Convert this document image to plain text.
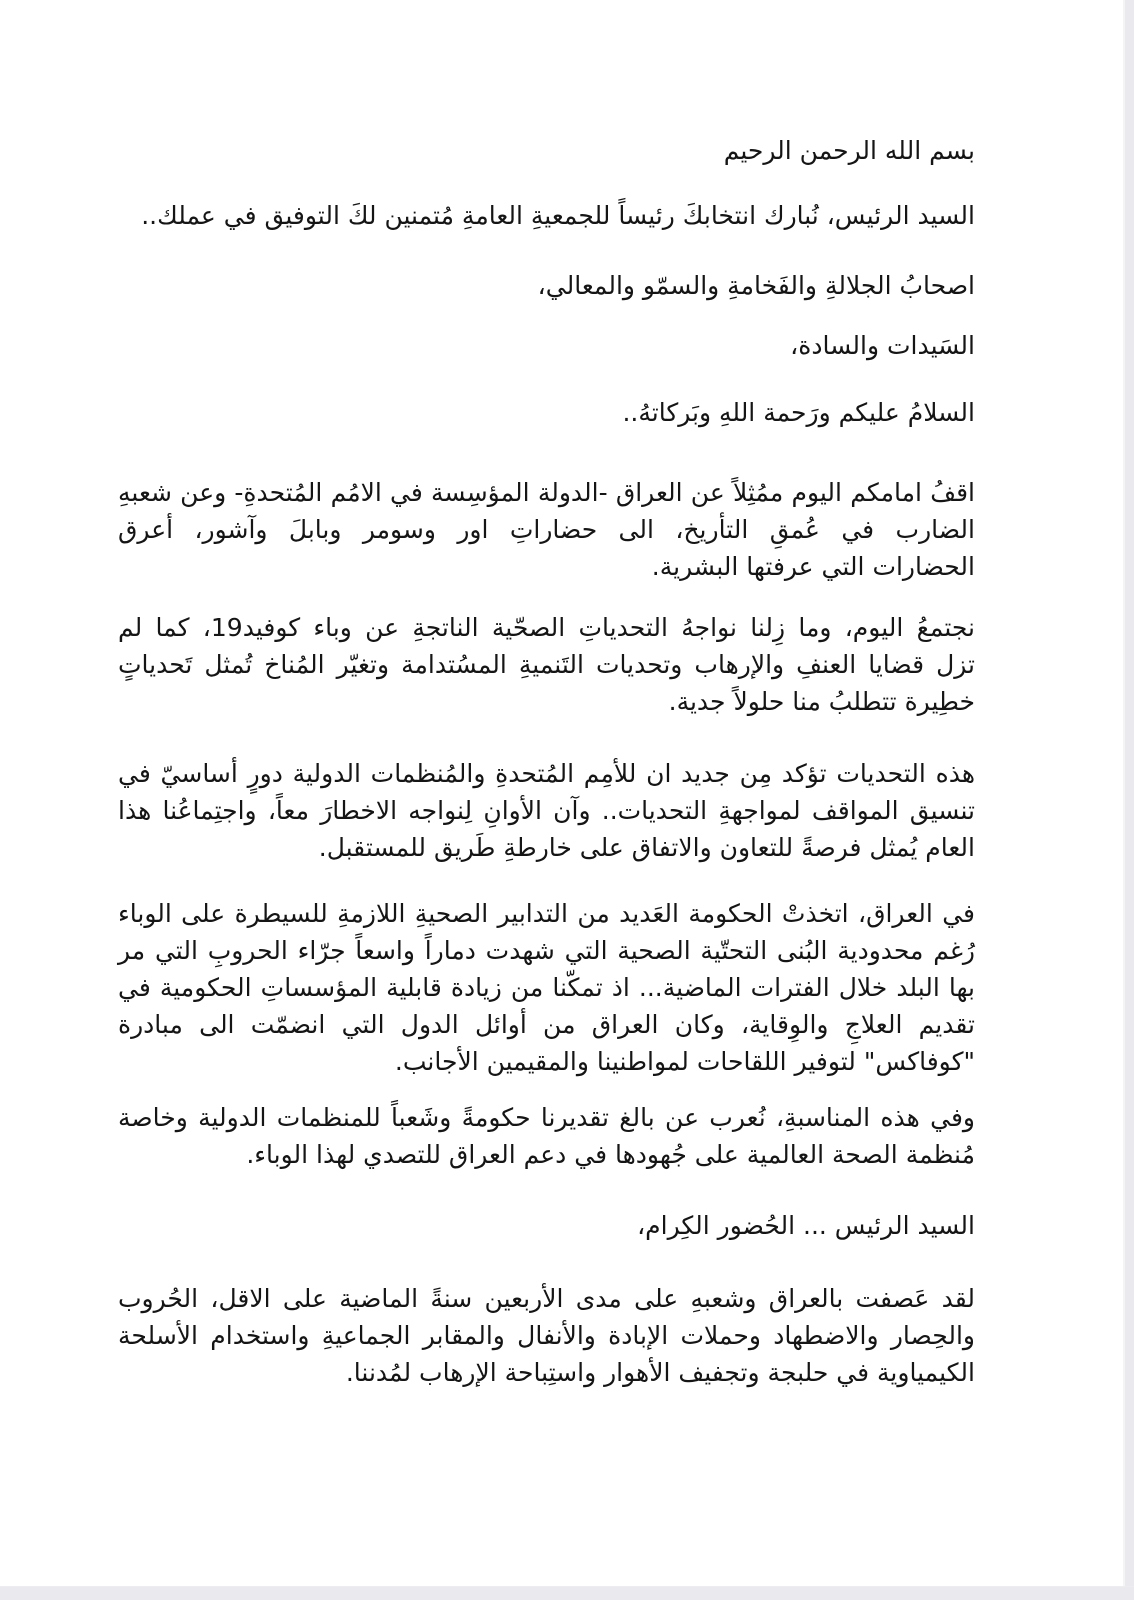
بسم الله الرحمن الرحيم
السيد الرئيس، نُبارك انتخابكَ رئيساً للجمعيةِ العامةِ مُتمنين لكَ التوفيق في عملك..
اصحابُ الجلالةِ والفَخامةِ والسمّو والمعالي،
السَيدات والسادة،
السلامُ عليكم ورَحمة اللهِ وبَركاتهُ..
اقفُ امامكم اليوم ممُثِلاً عن العراق -الدولة المؤسِسة في الامُم المُتحدةِ- وعن شعبهِ
الضارب في عُمقِ التأريخ، الى حضاراتِ اور وسومر وبابلَ وآشور، أعرق
الحضارات التي عرفتها البشرية.
نجتمعُ اليوم، وما زِلنا نواجهُ التحدياتِ الصحّية الناتجةِ عن وباء كوفيد19، كما لم
تزل قضايا العنفِ والإرهاب وتحديات التَنميةِ المسُتدامة وتغيّر المُناخ تُمثل تَحدياتٍ
خطِيرة تتطلبُ منا حلولاً جدية.
هذه التحديات تؤكد مِن جديد ان للأمِم المُتحدةِ والمُنظمات الدولية دورٍ أساسيّ في
تنسيق المواقف لمواجهةِ التحديات.. وآن الأوانِ لِنواجه الاخطارَ معاً، واجتِماعُنا هذا
العام يُمثل فرصةً للتعاون والاتفاق على خارطةِ طَريق للمستقبل.
في العراق، اتخذتْ الحكومة العَديد من التدابير الصحيةِ اللازمةِ للسيطرة على الوباء
رُغم محدودية البُنى التحتّية الصحية التي شهدت دماراً واسعاً جرّاء الحروبِ التي مر
بها البلد خلال الفترات الماضية... اذ تمكّنا من زيادة قابلية المؤسساتِ الحكومية في
تقديم العلاجِ والوِقاية، وكان العراق من أوائل الدول التي انضمّت الى مبادرة
"كوفاكس" لتوفير اللقاحات لمواطنينا والمقيمين الأجانب.
وفي هذه المناسبةِ، نُعرب عن بالغ تقديرنا حكومةً وشَعباً للمنظمات الدولية وخاصة
مُنظمة الصحة العالمية على جُهودها في دعم العراق للتصدي لهذا الوباء.
السيد الرئيس ... الحُضور الكِرام،
لقد عَصفت بالعراق وشعبهِ على مدى الأربعين سنةً الماضية على الاقل، الحُروب
والحِصار والاضطهاد وحملات الإبادة والأنفال والمقابر الجماعيةِ واستخدام الأسلحة
الكيمياوية في حلبجة وتجفيف الأهوار واستِباحة الإرهاب لمُدننا.
